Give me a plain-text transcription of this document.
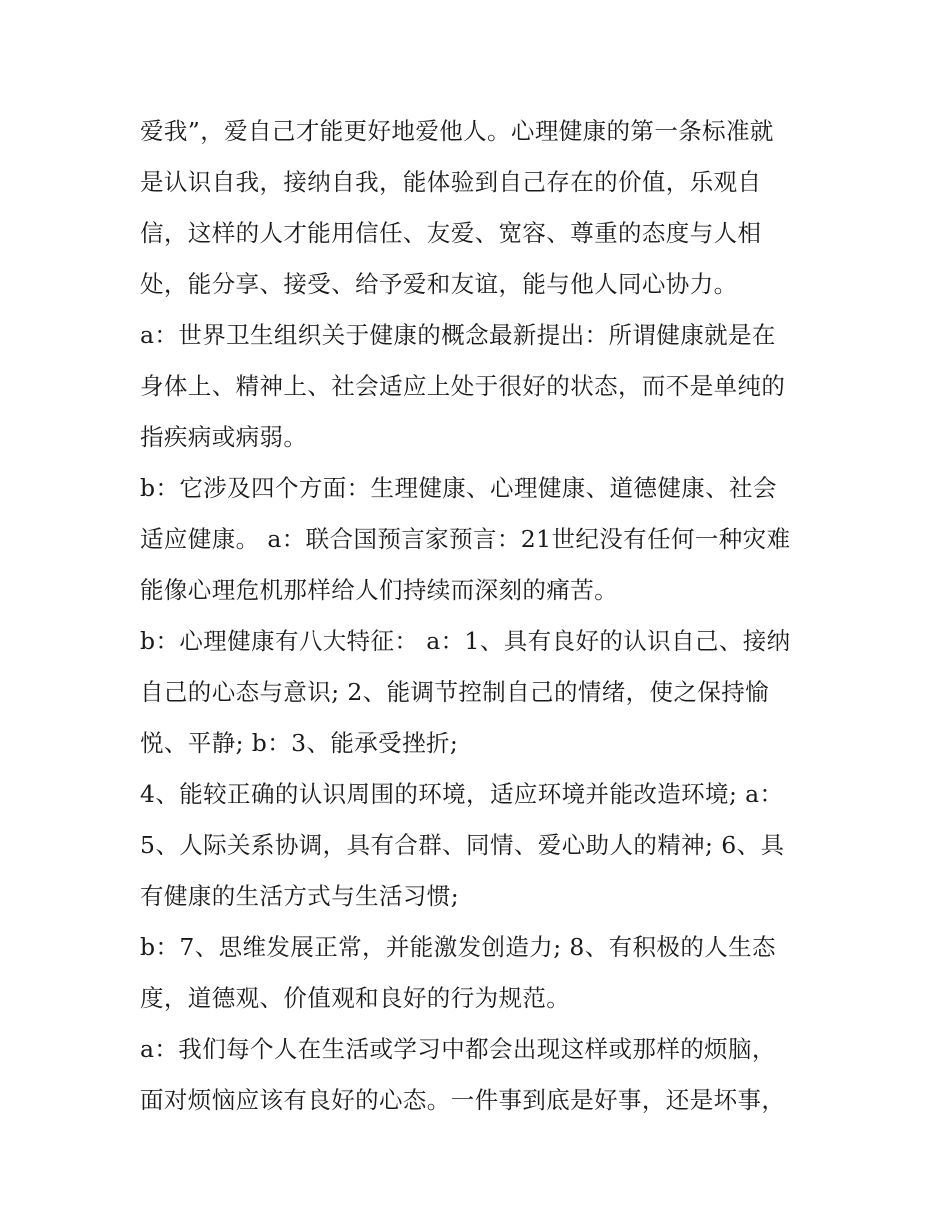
爱我”，爱自己才能更好地爱他人。心理健康的第一条标准就
是认识自我，接纳自我，能体验到自己存在的价值，乐观自
信，这样的人才能用信任、友爱、宽容、尊重的态度与人相
处，能分享、接受、给予爱和友谊，能与他人同心协力。
a：世界卫生组织关于健康的概念最新提出：所谓健康就是在
身体上、精神上、社会适应上处于很好的状态，而不是单纯的
指疾病或病弱。
b：它涉及四个方面：生理健康、心理健康、道德健康、社会
适应健康。 a：联合国预言家预言：21世纪没有任何一种灾难
能像心理危机那样给人们持续而深刻的痛苦。
b：心理健康有八大特征： a：1、具有良好的认识自己、接纳
自己的心态与意识; 2、能调节控制自己的情绪，使之保持愉
悦、平静; b：3、能承受挫折;
4、能较正确的认识周围的环境，适应环境并能改造环境; a：
5、人际关系协调，具有合群、同情、爱心助人的精神; 6、具
有健康的生活方式与生活习惯;
b：7、思维发展正常，并能激发创造力; 8、有积极的人生态
度，道德观、价值观和良好的行为规范。
a：我们每个人在生活或学习中都会出现这样或那样的烦脑，
面对烦恼应该有良好的心态。一件事到底是好事，还是坏事，
